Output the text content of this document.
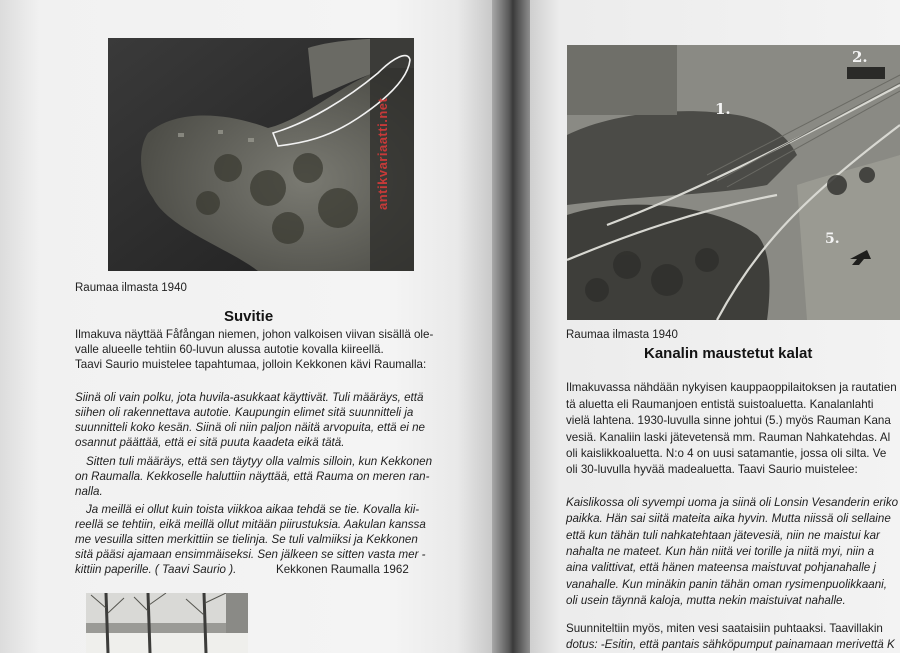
Raumaa ilmasta 1940
Suvitie
Ilmakuva näyttää Fåfångan niemen, johon valkoisen viivan sisällä ole-
valle alueelle tehtiin 60-luvun alussa autotie kovalla kiireellä.
Taavi Saurio muistelee tapahtumaa, jolloin Kekkonen kävi Raumalla:
Siinä oli vain polku, jota huvila-asukkaat käyttivät. Tuli määräys, että
siihen oli rakennettava autotie. Kaupungin elimet sitä suunnitteli ja
suunnitteli koko kesän. Siinä oli niin paljon näitä arvopuita, että ei ne
osannut päättää, että ei sitä puuta kaadeta eikä tätä.
Sitten tuli määräys, että sen täytyy olla valmis silloin, kun Kekkonen
on Raumalla. Kekkoselle haluttiin näyttää, että Rauma on meren ran-
nalla.
Ja meillä ei ollut kuin toista viikkoa aikaa tehdä se tie. Kovalla kii-
reellä se tehtiin, eikä meillä ollut mitään piirustuksia. Aakulan kanssa
me vesuilla sitten merkittiin se tielinja. Se tuli valmiiksi ja Kekkonen
sitä pääsi ajamaan ensimmäiseksi. Sen jälkeen se sitten vasta mer -
kittiin paperille. ( Taavi Saurio ).	Kekkonen Raumalla 1962
antikvariaatti.net	1.
2.
5.
Raumaa ilmasta 1940
Kanalin maustetut kalat
Ilmakuvassa nähdään nykyisen kauppaoppilaitoksen ja rautatien
tä aluetta eli Raumanjoen entistä suistoaluetta. Kanalanlahti
vielä lahtena. 1930-luvulla sinne johtui (5.) myös Rauman Kana
vesiä. Kanaliin laski jätevetensä mm. Rauman Nahkatehdas. Al
oli kaislikkoaluetta. N:o 4 on uusi satamantie, jossa oli silta. Ve
oli 30-luvulla hyvää madealuetta. Taavi Saurio muistelee:
Kaislikossa oli syvempi uoma ja siinä oli Lonsin Vesanderin eriko
paikka. Hän sai siitä mateita aika hyvin. Mutta niissä oli sellaine
että kun tähän tuli nahkatehtaan jätevesiä, niin ne maistui kar
nahalta ne mateet. Kun hän niitä vei torille ja niitä myi, niin a
aina valittivat, että hänen mateensa maistuvat pohjanahalle j
vanahalle. Kun minäkin panin tähän oman rysimenpuolikkaani,
oli usein täynnä kaloja, mutta nekin maistuivat nahalle.
Suunniteltiin myös, miten vesi saataisiin puhtaaksi. Taavillakin
dotus: -Esitin, että pantais sähköpumput painamaan merivettä K
